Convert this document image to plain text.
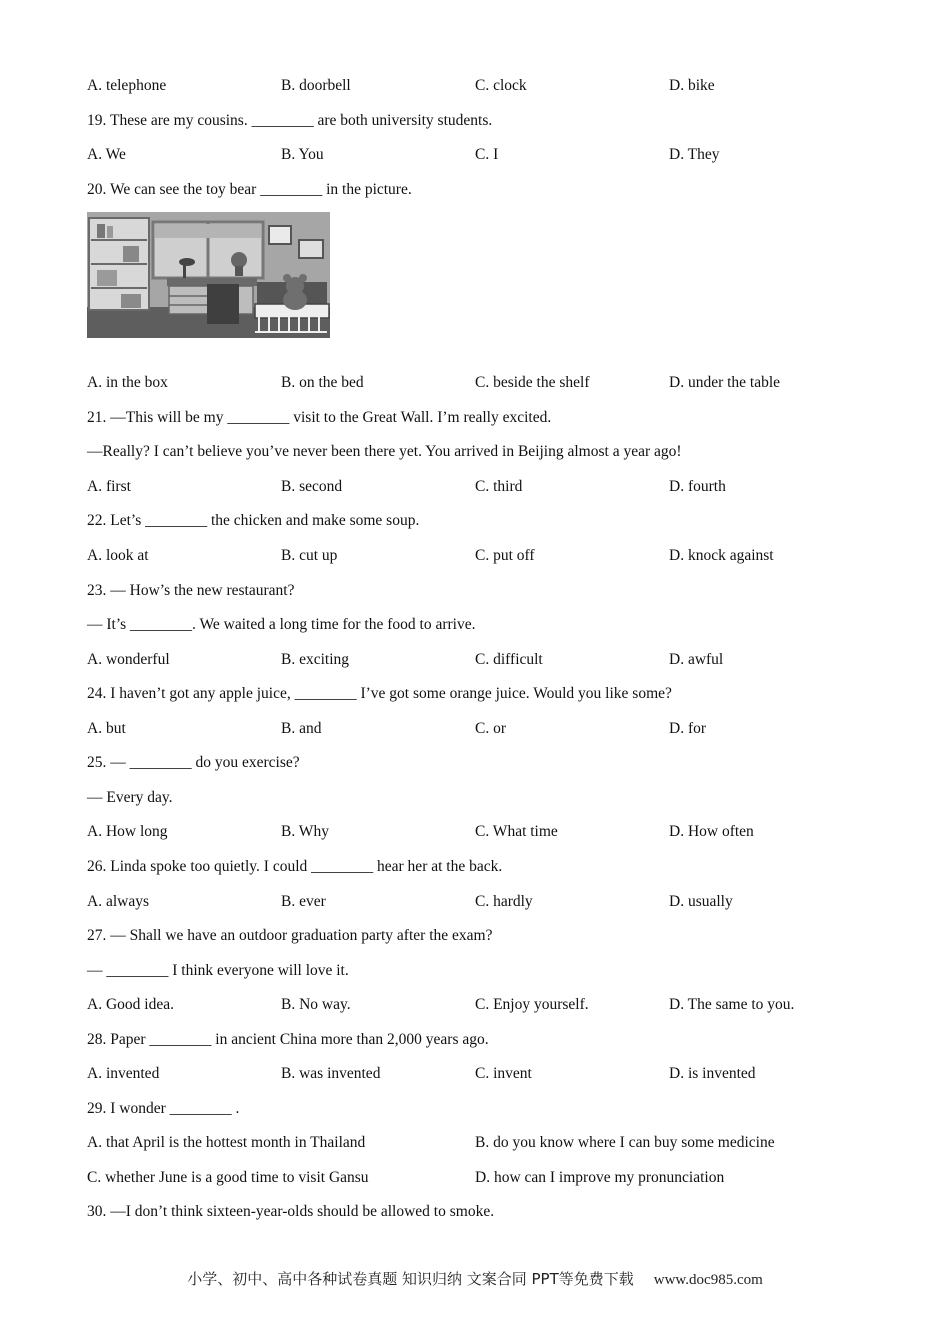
A. telephone	B. doorbell	C. clock	D. bike
19. These are my cousins. ________ are both university students.
A. We	B. You	C. I	D. They
20. We can see the toy bear ________ in the picture.
A. in the box	B. on the bed	C. beside the shelf	D. under the table
21. —This will be my ________ visit to the Great Wall. I’m really excited.
—Really? I can’t believe you’ve never been there yet. You arrived in Beijing almost a year ago!
A. first	B. second	C. third	D. fourth
22. Let’s ________ the chicken and make some soup.
A. look at	B. cut up	C. put off	D. knock against
23. — How’s the new restaurant?
— It’s ________. We waited a long time for the food to arrive.
A. wonderful	B. exciting	C. difficult	D. awful
24. I haven’t got any apple juice, ________ I’ve got some orange juice. Would you like some?
A. but	B. and	C. or	D. for
25. — ________ do you exercise?
— Every day.
A. How long	B. Why	C. What time	D. How often
26. Linda spoke too quietly. I could ________ hear her at the back.
A. always	B. ever	C. hardly	D. usually
27. — Shall we have an outdoor graduation party after the exam?
— ________ I think everyone will love it.
A. Good idea.	B. No way.	C. Enjoy yourself.	D. The same to you.
28. Paper ________ in ancient China more than 2,000 years ago.
A. invented	B. was invented	C. invent	D. is invented
29. I wonder ________ .
A. that April is the hottest month in Thailand	B. do you know where I can buy some medicine
C. whether June is a good time to visit Gansu	D. how can I improve my pronunciation
30. —I don’t think sixteen-year-olds should be allowed to smoke.
小学、初中、高中各种试卷真题 知识归纳 文案合同 PPT等免费下载 www.doc985.com
